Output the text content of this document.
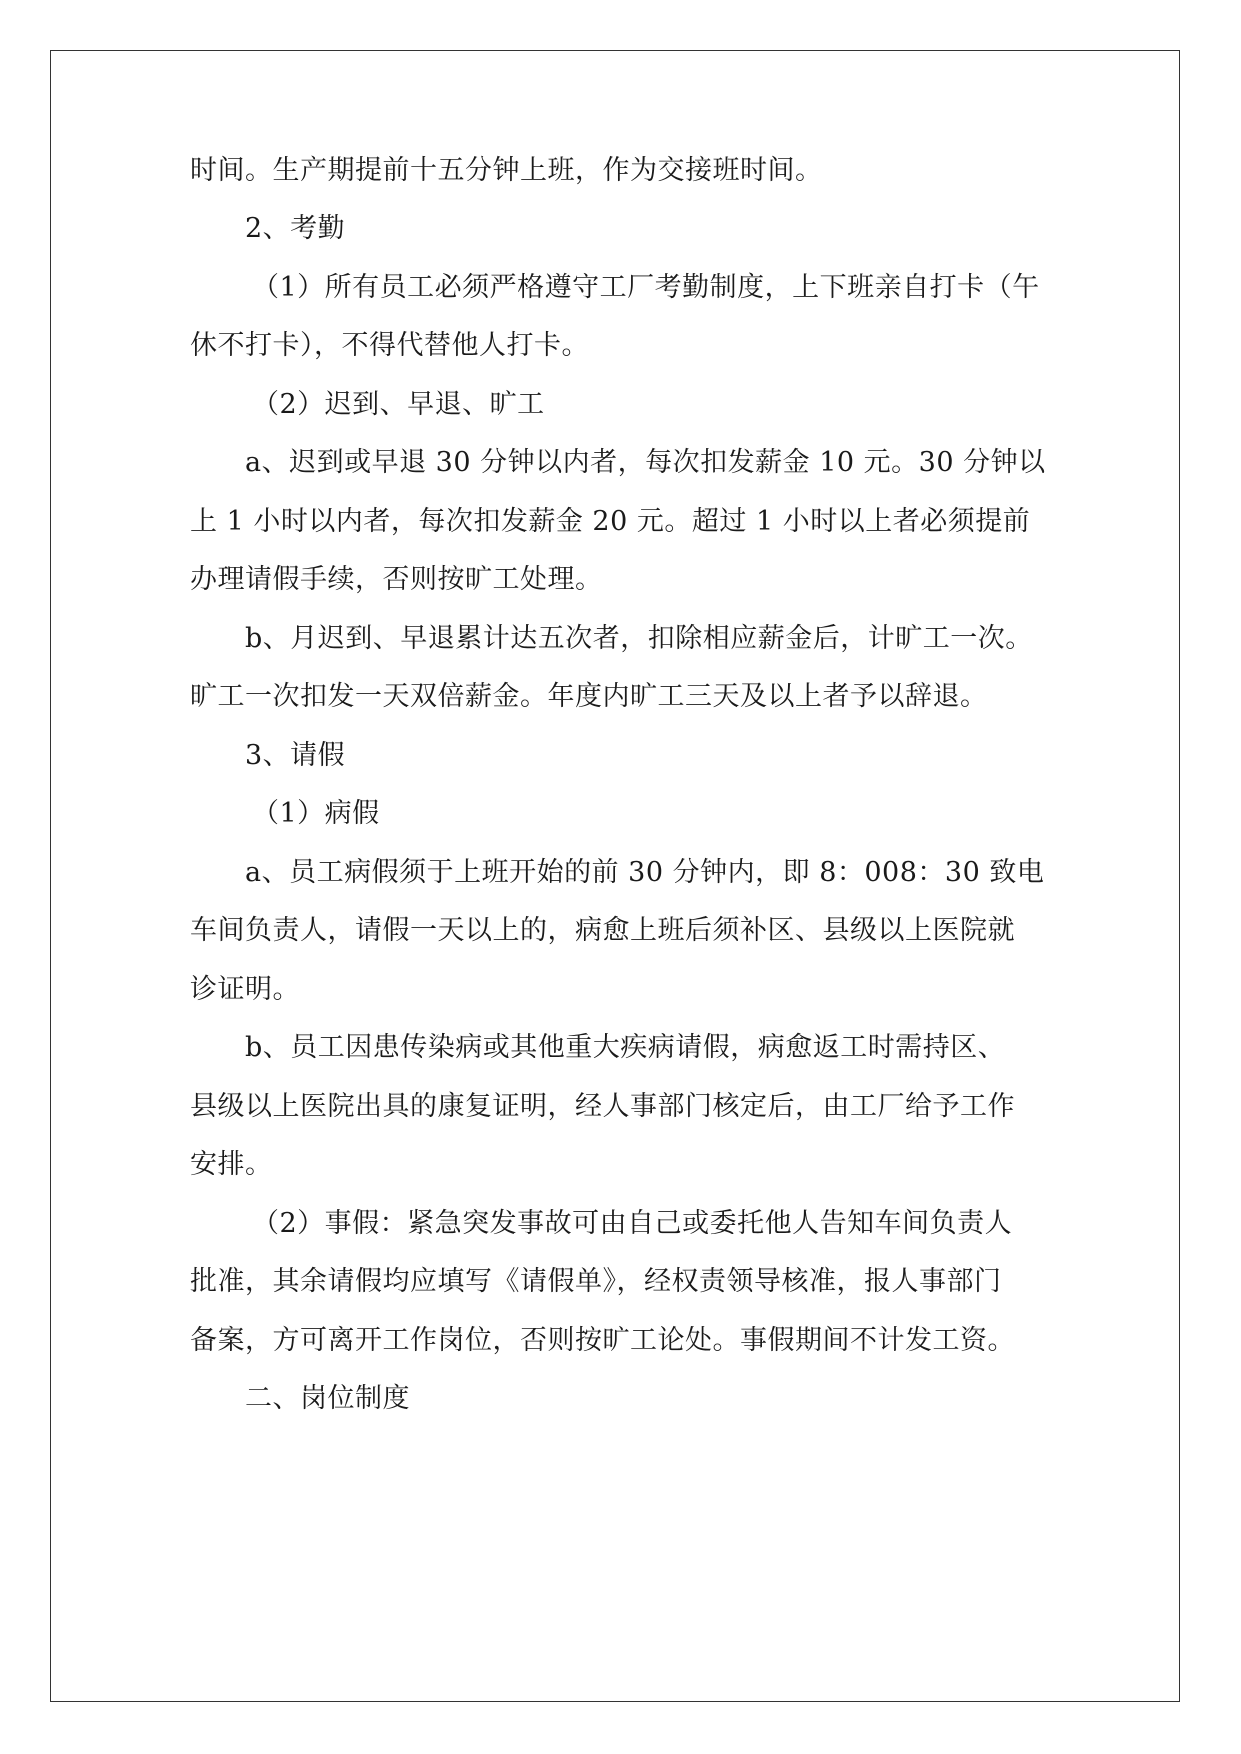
时间。生产期提前十五分钟上班，作为交接班时间。
2、考勤
（1）所有员工必须严格遵守工厂考勤制度，上下班亲自打卡（午
休不打卡），不得代替他人打卡。
（2）迟到、早退、旷工
a、迟到或早退 30 分钟以内者，每次扣发薪金 10 元。30 分钟以
上 1 小时以内者，每次扣发薪金 20 元。超过 1 小时以上者必须提前
办理请假手续，否则按旷工处理。
b、月迟到、早退累计达五次者，扣除相应薪金后，计旷工一次。
旷工一次扣发一天双倍薪金。年度内旷工三天及以上者予以辞退。
3、请假
（1）病假
a、员工病假须于上班开始的前 30 分钟内，即 8：008：30 致电
车间负责人，请假一天以上的，病愈上班后须补区、县级以上医院就
诊证明。
b、员工因患传染病或其他重大疾病请假，病愈返工时需持区、
县级以上医院出具的康复证明，经人事部门核定后，由工厂给予工作
安排。
（2）事假：紧急突发事故可由自己或委托他人告知车间负责人
批准，其余请假均应填写《请假单》，经权责领导核准，报人事部门
备案，方可离开工作岗位，否则按旷工论处。事假期间不计发工资。
二、岗位制度
